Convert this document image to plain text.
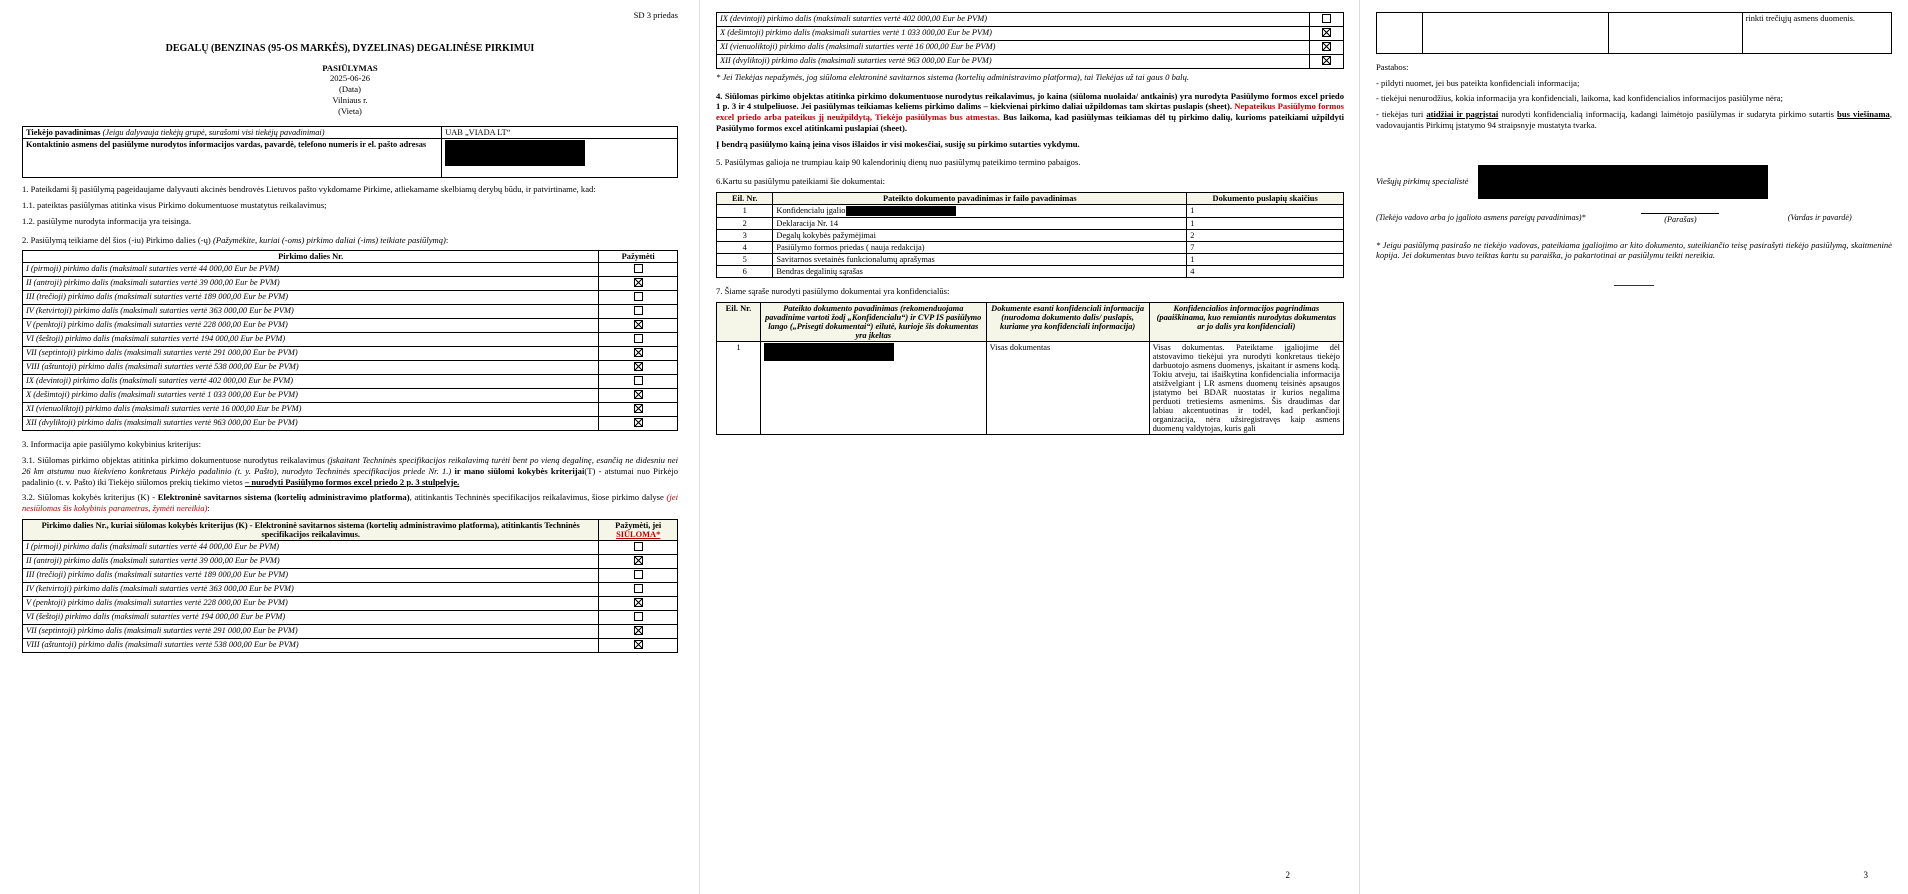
SD 3 priedas
DEGALŲ (BENZINAS (95-OS MARKĖS), DYZELINAS) DEGALINĖSE PIRKIMUI
PASIŪLYMAS
2025-06-26
(Data)
Vilniaus r.
(Vieta)
Tiekėjo pavadinimas (Jeigu dalyvauja tiekėjų grupė, surašomi visi tiekėjų pavadinimai)	UAB „VIADA LT“
Kontaktinio asmens del pasiūlyme nurodytos informacijos vardas, pavardė, telefono numeris ir el. pašto adresas	

1. Pateikdami šį pasiūlymą pageidaujame dalyvauti akcinės bendrovės Lietuvos pašto vykdomame Pirkime, atliekamame skelbiamų derybų būdu, ir patvirtiname, kad:

1.1. pateiktas pasiūlymas atitinka visus Pirkimo dokumentuose mustatytus reikalavimus;

1.2. pasiūlyme nurodyta informacija yra teisinga.

2. Pasiūlymą teikiame dėl šios (-iu) Pirkimo dalies (-ų) (Pažymėkite, kuriai (-oms) pirkimo daliai (-ims) teikiate pasiūlymą):

Pirkimo dalies Nr.	Pažymėti
I (pirmoji) pirkimo dalis (maksimali sutarties vertė 44 000,00 Eur be PVM)	
II (antroji) pirkimo dalis (maksimali sutarties vertė 39 000,00 Eur be PVM)	
III (trečioji) pirkimo dalis (maksimali sutarties vertė 189 000,00 Eur be PVM)	
IV (ketvirtoji) pirkimo dalis (maksimali sutarties vertė 363 000,00 Eur be PVM)	
V (penktoji) pirkimo dalis (maksimali sutarties vertė 228 000,00 Eur be PVM)	
VI (šeštoji) pirkimo dalis (maksimali sutarties vertė 194 000,00 Eur be PVM)	
VII (septintoji) pirkimo dalis (maksimali sutarties vertė 291 000,00 Eur be PVM)	
VIII (aštuntoji) pirkimo dalis (maksimali sutarties vertė 538 000,00 Eur be PVM)	
IX (devintoji) pirkimo dalis (maksimali sutarties vertė 402 000,00 Eur be PVM)	
X (dešimtoji) pirkimo dalis (maksimali sutarties vertė 1 033 000,00 Eur be PVM)	
XI (vienuoliktoji) pirkimo dalis (maksimali sutarties vertė 16 000,00 Eur be PVM)	
XII (dvyliktoji) pirkimo dalis (maksimali sutarties vertė 963 000,00 Eur be PVM)	

3. Informacija apie pasiūlymo kokybinius kriterijus:

3.1. Siūlomas pirkimo objektas atitinka pirkimo dokumentuose nurodytus reikalavimus (įskaitant Techninės specifikacijos reikalavimą turėti bent po vieną degalinę, esančią ne didesniu nei 26 km atstumu nuo kiekvieno konkretaus Pirkėjo padalinio (t. y. Pašto), nurodyto Techninės specifikacijos priede Nr. 1.) ir mano siūlomi kokybės kriterijai(T) - atstumai nuo Pirkėjo padalinio (t. v. Pašto) iki Tiekėjo siūlomos prekių tiekimo vietos – nurodyti Pasiūlymo formos excel priedo 2 p. 3 stulpelyje.

3.2. Siūlomas kokybės kriterijus (K) - Elektroninė savitarnos sistema (kortelių administravimo platforma), atitinkantis Techninės specifikacijos reikalavimus, šiose pirkimo dalyse (jei nesiūlomas šis kokybinis parametras, žymėti nereikia):

Pirkimo dalies Nr., kuriai siūlomas kokybės kriterijus (K) - Elektroninė savitarnos sistema (kortelių administravimo platforma), atitinkantis Techninės specifikacijos reikalavimus.	Pažymėti, jei
SIŪLOMA*
I (pirmoji) pirkimo dalis (maksimali sutarties vertė 44 000,00 Eur be PVM)	
II (antroji) pirkimo dalis (maksimali sutarties vertė 39 000,00 Eur be PVM)	
III (trečioji) pirkimo dalis (maksimali sutarties vertė 189 000,00 Eur be PVM)	
IV (ketvirtoji) pirkimo dalis (maksimali sutarties vertė 363 000,00 Eur be PVM)	
V (penktoji) pirkimo dalis (maksimali sutarties vertė 228 000,00 Eur be PVM)	
VI (šeštoji) pirkimo dalis (maksimali sutarties vertė 194 000,00 Eur be PVM)	
VII (septintoji) pirkimo dalis (maksimali sutarties vertė 291 000,00 Eur be PVM)	
VIII (aštuntoji) pirkimo dalis (maksimali sutarties vertė 538 000,00 Eur be PVM)	
IX (devintoji) pirkimo dalis (maksimali sutarties vertė 402 000,00 Eur be PVM)	
X (dešimtoji) pirkimo dalis (maksimali sutarties vertė 1 033 000,00 Eur be PVM)	
XI (vienuoliktoji) pirkimo dalis (maksimali sutarties vertė 16 000,00 Eur be PVM)	
XII (dvyliktoji) pirkimo dalis (maksimali sutarties vertė 963 000,00 Eur be PVM)	

* Jei Tiekėjas nepažymės, jog siūloma elektroninė savitarnos sistema (kortelių administravimo platforma), tai Tiekėjas už tai gaus 0 balų.

4. Siūlomas pirkimo objektas atitinka pirkimo dokumentuose nurodytus reikalavimus, jo kaina (siūloma nuolaida/ antkainis) yra nurodyta Pasiūlymo formos excel priedo 1 p. 3 ir 4 stulpeliuose. Jei pasiūlymas teikiamas keliems pirkimo dalims – kiekvienai pirkimo daliai užpildomas tam skirtas puslapis (sheet). Nepateikus Pasiūlymo formos excel priedo arba pateikus jį neužpildytą, Tiekėjo pasiūlymas bus atmestas. Bus laikoma, kad pasiūlymas teikiamas dėl tų pirkimo dalių, kurioms pateikiami užpildyti Pasiūlymo formos excel atitinkami puslapiai (sheet).

Į bendrą pasiūlymo kainą įeina visos išlaidos ir visi mokesčiai, susiję su pirkimo sutarties vykdymu.

5. Pasiūlymas galioja ne trumpiau kaip 90 kalendorinių dienų nuo pasiūlymų pateikimo termino pabaigos.

6.Kartu su pasiūlymu pateikiami šie dokumentai:

Eil. Nr.	Pateikto dokumento pavadinimas ir failo pavadinimas	Dokumento puslapių skaičius
1	Konfidencialu įgalio	1
2	Deklaracija Nr. 14	1
3	Degalų kokybės pažymėjimai	2
4	Pasiūlymo formos priedas ( nauja redakcija)	7
5	Savitarnos svetainės funkcionalumų aprašymas	1
6	Bendras degalinių sąrašas	4

7. Šiame sąraše nurodyti pasiūlymo dokumentai yra konfidencialūs:

Eil. Nr.	Pateikto dokumento pavadinimas (rekomenduojama pavadinime vartoti žodį „Konfidencialu“) ir CVP IS pasiūlymo lango („Prisegti dokumentai“) eilutė, kurioje šis dokumentas yra įkeltas	Dokumente esanti konfidenciali informacija (nurodoma dokumento dalis/ puslapis, kuriame yra konfidenciali informacija)	Konfidencialios informacijos pagrindimas (paaiškinama, kuo remiantis nurodytas dokumentas ar jo dalis yra konfidenciali)
1		Visas dokumentas	Visas dokumentas. Pateiktame įgaliojime dėl atstovavimo tiekėjui yra nurodyti konkretaus tiekėjo darbuotojo asmens duomenys, įskaitant ir asmens kodą. Tokiu atveju, tai išaiškytina konfidencialia informacija atsižvelgiant į LR asmens duomenų teisinės apsaugos įstatymo bei BDAR nuostatas ir kurios negalima perduoti tretiesiems asmenims. Šis draudimas dar labiau akcentuotinas ir todėl, kad perkančioji organizacija, nėra užsiregistravęs kaip asmens duomenų valdytojas, kuris gali
2
			rinkti trečiųjų asmens duomenis.

Pastabos:

- pildyti nuomet, jei bus pateikta konfidenciali informacija;

- tiekėjui nenurodžius, kokia informacija yra konfidenciali, laikoma, kad konfidencialios informacijos pasiūlyme nėra;

- tiekėjas turi atidžiai ir pagrįstai nurodyti konfidencialią informaciją, kadangi laimėtojo pasiūlymas ir sudaryta pirkimo sutartis bus viešinama, vadovaujantis Pirkimų įstatymo 94 straipsnyje mustatyta tvarka.

Viešųjų pirkimų specialistė
(Tiekėjo vadovo arba jo įgalioto asmens pareigų pavadinimas)*	(Parašas)	(Vardas ir pavardė)

* Jeigu pasiūlymą pasirašo ne tiekėjo vadovas, pateikiama įgaliojimo ar kito dokumento, suteikiančio teisę pasirašyti tiekėjo pasiūlymą, skaitmeninė kopija. Jei dokumentas buvo teiktas kartu su paraiška, jo pakartotinai ar pasiūlymu teikti nereikia.

_____
3
